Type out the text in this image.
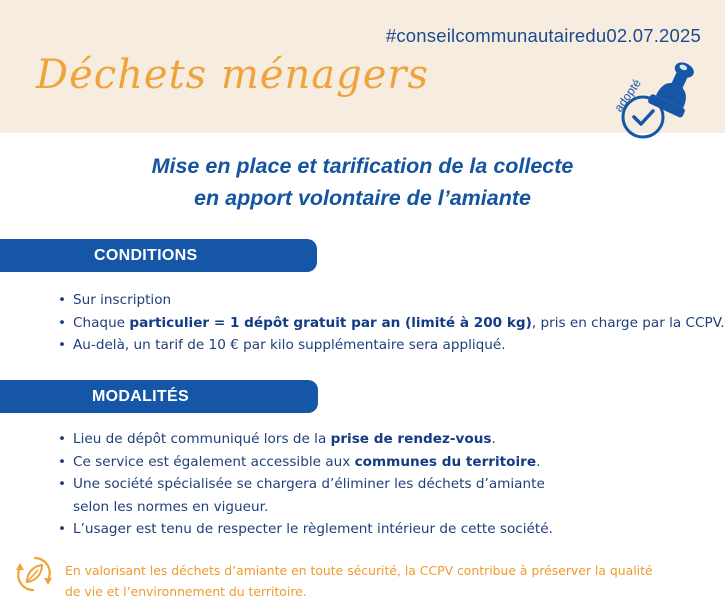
#conseilcommunautairedu02.07.2025
Déchets ménagers	adopté
Mise en place et tarification de la collecte
en apport volontaire de l’amiante
CONDITIONS
• Sur inscription
• Chaque particulier = 1 dépôt gratuit par an (limité à 200 kg), pris en charge par la CCPV.
• Au-delà, un tarif de 10 € par kilo supplémentaire sera appliqué.
MODALITÉS
• Lieu de dépôt communiqué lors de la prise de rendez-vous.
• Ce service est également accessible aux communes du territoire.
• Une société spécialisée se chargera d’éliminer les déchets d’amiante
selon les normes en vigueur.
• L’usager est tenu de respecter le règlement intérieur de cette société.
En valorisant les déchets d’amiante en toute sécurité, la CCPV contribue à préserver la qualité
de vie et l’environnement du territoire.
